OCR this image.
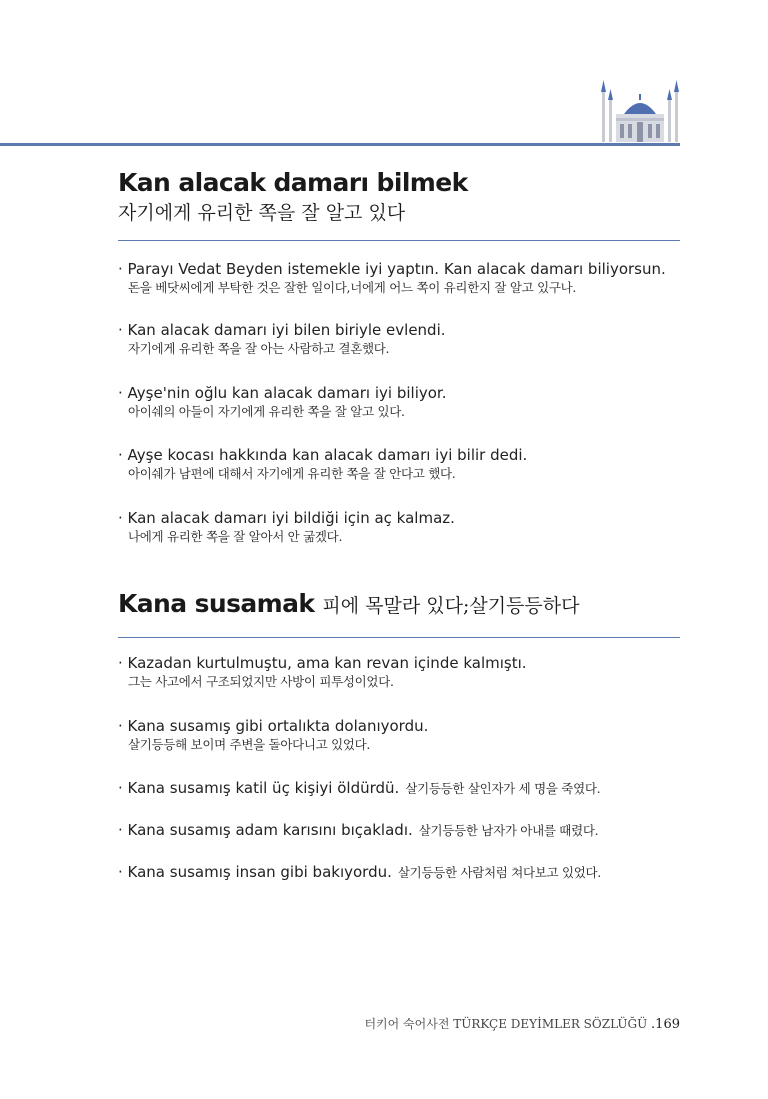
Kan alacak damarı bilmek
자기에게 유리한 쪽을 잘 알고 있다
· Parayı Vedat Beyden istemekle iyi yaptın. Kan alacak damarı biliyorsun.
돈을 베닷씨에게 부탁한 것은 잘한 일이다,너에게 어느 쪽이 유리한지 잘 알고 있구나.
· Kan alacak damarı iyi bilen biriyle evlendi.
자기에게 유리한 쪽을 잘 아는 사람하고 결혼했다.
· Ayşe'nin oğlu kan alacak damarı iyi biliyor.
아이쉐의 아들이 자기에게 유리한 쪽을 잘 알고 있다.
· Ayşe kocası hakkında kan alacak damarı iyi bilir dedi.
아이쉐가 남편에 대해서 자기에게 유리한 쪽을 잘 안다고 했다.
· Kan alacak damarı iyi bildiği için aç kalmaz.
나에게 유리한 쪽을 잘 알아서 안 굶겠다.
Kana susamak 피에 목말라 있다;살기등등하다
· Kazadan kurtulmuştu, ama kan revan içinde kalmıştı.
그는 사고에서 구조되었지만 사방이 피투성이었다.
· Kana susamış gibi ortalıkta dolanıyordu.
살기등등해 보이며 주변을 돌아다니고 있었다.
· Kana susamış katil üç kişiyi öldürdü. 살기등등한 살인자가 세 명을 죽였다.
· Kana susamış adam karısını bıçakladı. 살기등등한 남자가 아내를 때렸다.
· Kana susamış insan gibi bakıyordu. 살기등등한 사람처럼 쳐다보고 있었다.
터키어 숙어사전 TÜRKÇE DEYİMLER SÖZLÜĞÜ .169
